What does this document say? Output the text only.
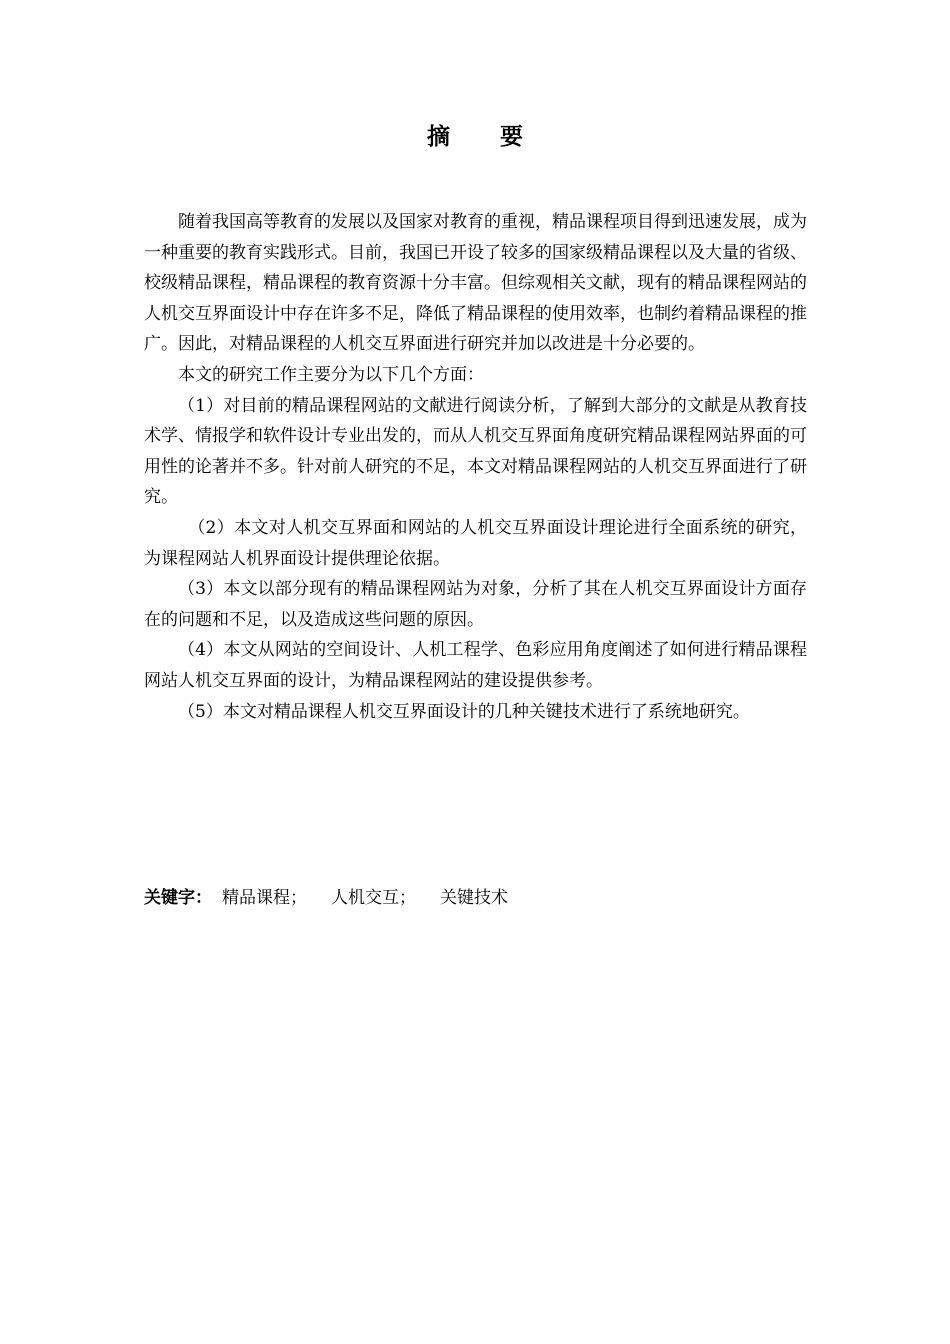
摘 要

随着我国高等教育的发展以及国家对教育的重视，精品课程项目得到迅速发展，成为一种重要的教育实践形式。目前，我国已开设了较多的国家级精品课程以及大量的省级、校级精品课程，精品课程的教育资源十分丰富。但综观相关文献，现有的精品课程网站的人机交互界面设计中存在许多不足，降低了精品课程的使用效率，也制约着精品课程的推广。因此，对精品课程的人机交互界面进行研究并加以改进是十分必要的。

本文的研究工作主要分为以下几个方面：

（1）对目前的精品课程网站的文献进行阅读分析，了解到大部分的文献是从教育技术学、情报学和软件设计专业出发的，而从人机交互界面角度研究精品课程网站界面的可用性的论著并不多。针对前人研究的不足，本文对精品课程网站的人机交互界面进行了研究。

（2）本文对人机交互界面和网站的人机交互界面设计理论进行全面系统的研究，为课程网站人机界面设计提供理论依据。

（3）本文以部分现有的精品课程网站为对象，分析了其在人机交互界面设计方面存在的问题和不足，以及造成这些问题的原因。

（4）本文从网站的空间设计、人机工程学、色彩应用角度阐述了如何进行精品课程网站人机交互界面的设计，为精品课程网站的建设提供参考。

（5）本文对精品课程人机交互界面设计的几种关键技术进行了系统地研究。

关键字： 精品课程； 人机交互； 关键技术
